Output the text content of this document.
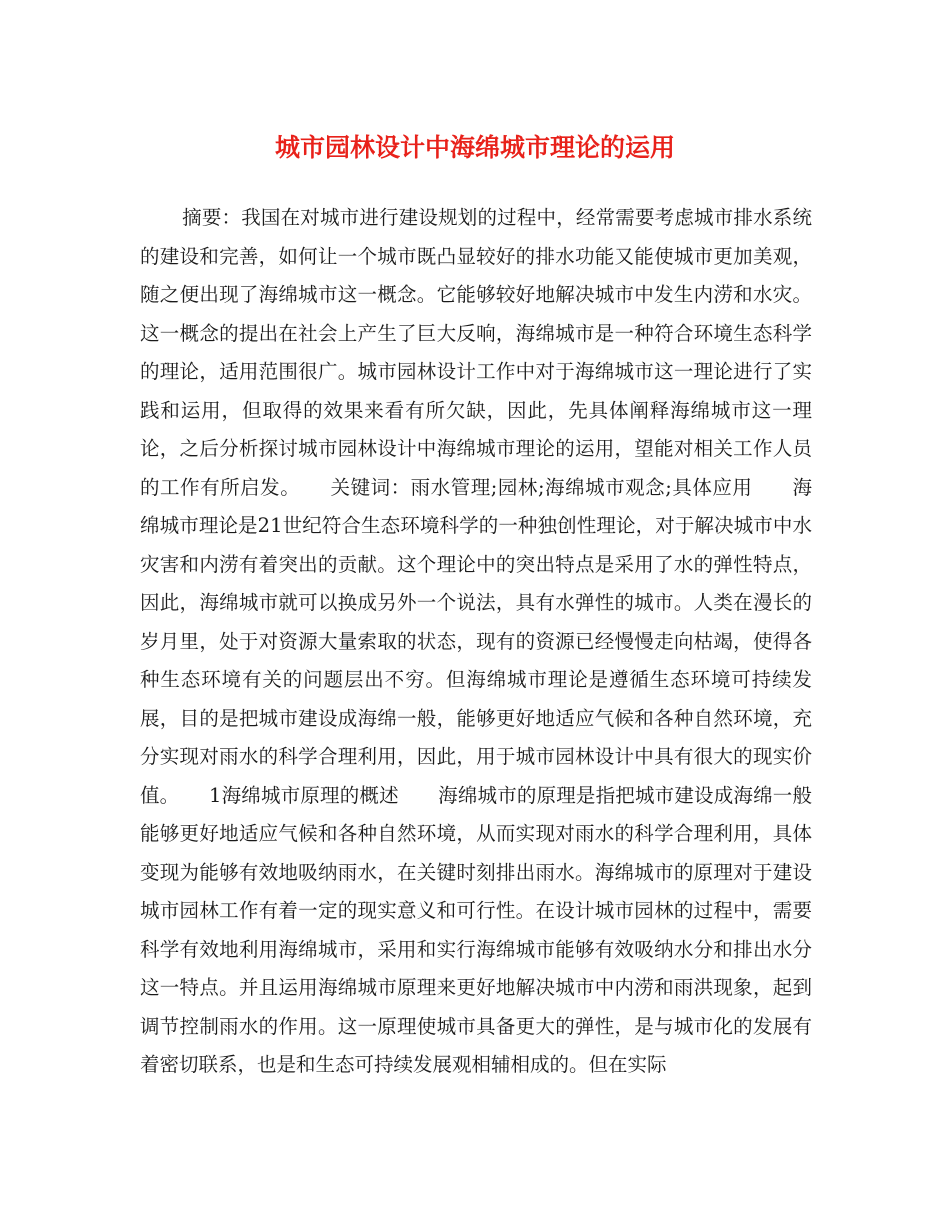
城市园林设计中海绵城市理论的运用

摘要：我国在对城市进行建设规划的过程中，经常需要考虑城市排水系统的建设和完善，如何让一个城市既凸显较好的排水功能又能使城市更加美观，随之便出现了海绵城市这一概念。它能够较好地解决城市中发生内涝和水灾。这一概念的提出在社会上产生了巨大反响，海绵城市是一种符合环境生态科学的理论，适用范围很广。城市园林设计工作中对于海绵城市这一理论进行了实践和运用，但取得的效果来看有所欠缺，因此，先具体阐释海绵城市这一理论，之后分析探讨城市园林设计中海绵城市理论的运用，望能对相关工作人员的工作有所启发。　　关键词：雨水管理;园林;海绵城市观念;具体应用　　海绵城市理论是21世纪符合生态环境科学的一种独创性理论，对于解决城市中水灾害和内涝有着突出的贡献。这个理论中的突出特点是采用了水的弹性特点，因此，海绵城市就可以换成另外一个说法，具有水弹性的城市。人类在漫长的岁月里，处于对资源大量索取的状态，现有的资源已经慢慢走向枯竭，使得各种生态环境有关的问题层出不穷。但海绵城市理论是遵循生态环境可持续发展，目的是把城市建设成海绵一般，能够更好地适应气候和各种自然环境，充分实现对雨水的科学合理利用，因此，用于城市园林设计中具有很大的现实价值。　　1海绵城市原理的概述　　海绵城市的原理是指把城市建设成海绵一般能够更好地适应气候和各种自然环境，从而实现对雨水的科学合理利用，具体变现为能够有效地吸纳雨水，在关键时刻排出雨水。海绵城市的原理对于建设城市园林工作有着一定的现实意义和可行性。在设计城市园林的过程中，需要科学有效地利用海绵城市，采用和实行海绵城市能够有效吸纳水分和排出水分这一特点。并且运用海绵城市原理来更好地解决城市中内涝和雨洪现象，起到调节控制雨水的作用。这一原理使城市具备更大的弹性，是与城市化的发展有着密切联系，也是和生态可持续发展观相辅相成的。但在实际
